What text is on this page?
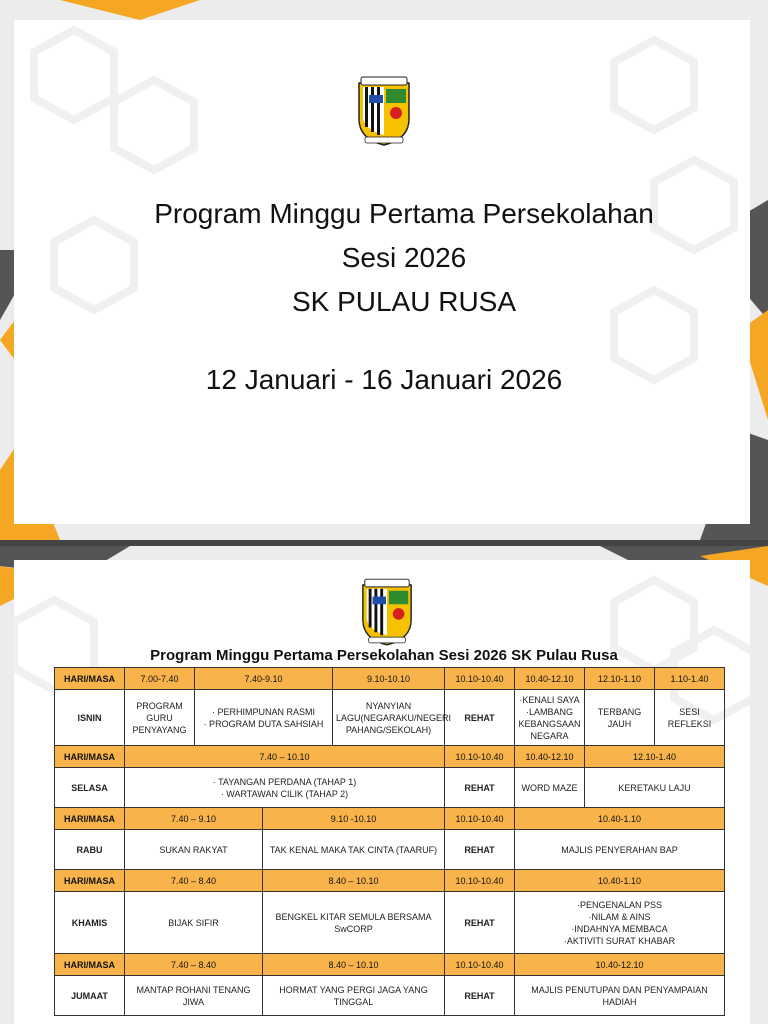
Program Minggu Pertama Persekolahan
Sesi 2026
SK PULAU RUSA
12 Januari - 16 Januari 2026
Program Minggu Pertama Persekolahan Sesi 2026 SK Pulau Rusa
HARI/MASA	7.00-7.40	7.40-9.10		9.10-10.10	10.10-10.40	10.40-12.10	12.10-1.10	1.10-1.40
ISNIN	PROGRAM GURU PENYAYANG	· PERHIMPUNAN RASMI
· PROGRAM DUTA SAHSIAH		NYANYIAN LAGU(NEGARAKU/NEGERI PAHANG/SEKOLAH)	REHAT	·KENALI SAYA
·LAMBANG KEBANGSAAN NEGARA	TERBANG JAUH	SESI REFLEKSI
HARI/MASA	7.40 – 10.10				10.10-10.40	10.40-12.10	12.10-1.40	
SELASA	· TAYANGAN PERDANA (TAHAP 1)
· WARTAWAN CILIK (TAHAP 2)				REHAT	WORD MAZE	KERETAKU LAJU	
HARI/MASA	7.40 – 9.10		9.10 -10.10		10.10-10.40	10.40-1.10		
RABU	SUKAN RAKYAT		TAK KENAL MAKA TAK CINTA (TAARUF)		REHAT	MAJLIS PENYERAHAN BAP		
HARI/MASA	7.40 – 8.40		8.40 – 10.10		10.10-10.40	10.40-1.10		
KHAMIS	BIJAK SIFIR		BENGKEL KITAR SEMULA BERSAMA SwCORP		REHAT	·PENGENALAN PSS
·NILAM & AINS
·INDAHNYA MEMBACA
·AKTIVITI SURAT KHABAR		
HARI/MASA	7.40 – 8.40		8.40 – 10.10		10.10-10.40	10.40-12.10		
JUMAAT	MANTAP ROHANI TENANG JIWA		HORMAT YANG PERGI JAGA YANG TINGGAL		REHAT	MAJLIS PENUTUPAN DAN PENYAMPAIAN HADIAH		
